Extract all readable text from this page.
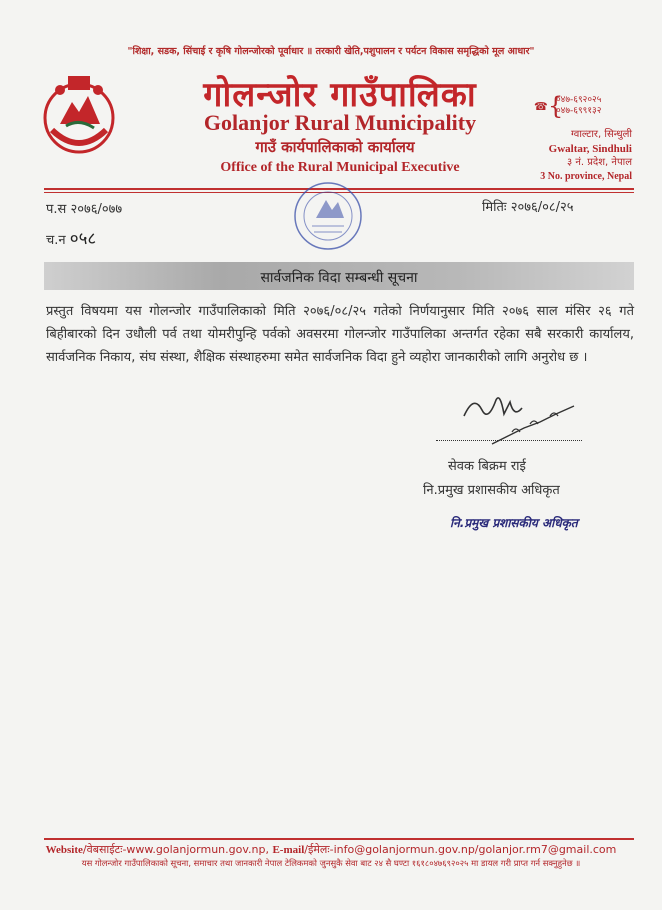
"शिक्षा, सडक, सिंचाई र कृषि गोलन्जोरको पूर्वाधार ॥ तरकारी खेति,पशुपालन र पर्यटन विकास समृद्धिको मूल आधार"
गोलन्जोर गाउँपालिका
Golanjor Rural Municipality
गाउँ कार्यपालिकाको कार्यालय
Office of the Rural Municipal Executive
☎ {
०४७-६९२०२५
०४७-६९९१३२
ग्वाल्टार, सिन्धुली
Gwaltar, Sindhuli
३ नं. प्रदेश, नेपाल
3 No. province, Nepal
प.स २०७६/०७७
च.न ०५८
मितिः २०७६/०८/२५
सार्वजनिक विदा सम्बन्धी सूचना
प्रस्तुत विषयमा यस गोलन्जोर गाउँपालिकाको मिति २०७६/०८/२५ गतेको निर्णयानुसार मिति २०७६ साल मंसिर २६ गते बिहीबारको दिन उधौली पर्व तथा योमरीपुन्हि पर्वको अवसरमा गोलन्जोर गाउँपालिका अन्तर्गत रहेका सबै सरकारी कार्यालय, सार्वजनिक निकाय, संघ संस्था, शैक्षिक संस्थाहरुमा समेत सार्वजनिक विदा हुने व्यहोरा जानकारीको लागि अनुरोध छ ।
सेवक बिक्रम राई
नि.प्रमुख प्रशासकीय अधिकृत
नि.प्रमुख प्रशासकीय अधिकृत
Website/वेबसाईटः-www.golanjormun.gov.np, E-mail/ईमेलः-info@golanjormun.gov.np/golanjor.rm7@gmail.com
यस गोलन्जोर गाउँपालिकाको सूचना, समाचार तथा जानकारी नेपाल टेलिकमको जुनसुकै सेवा बाट २४ सै घण्टा १६१८०४७६९२०२५ मा डायल गरी प्राप्त गर्न सक्नुहुनेछ ॥
